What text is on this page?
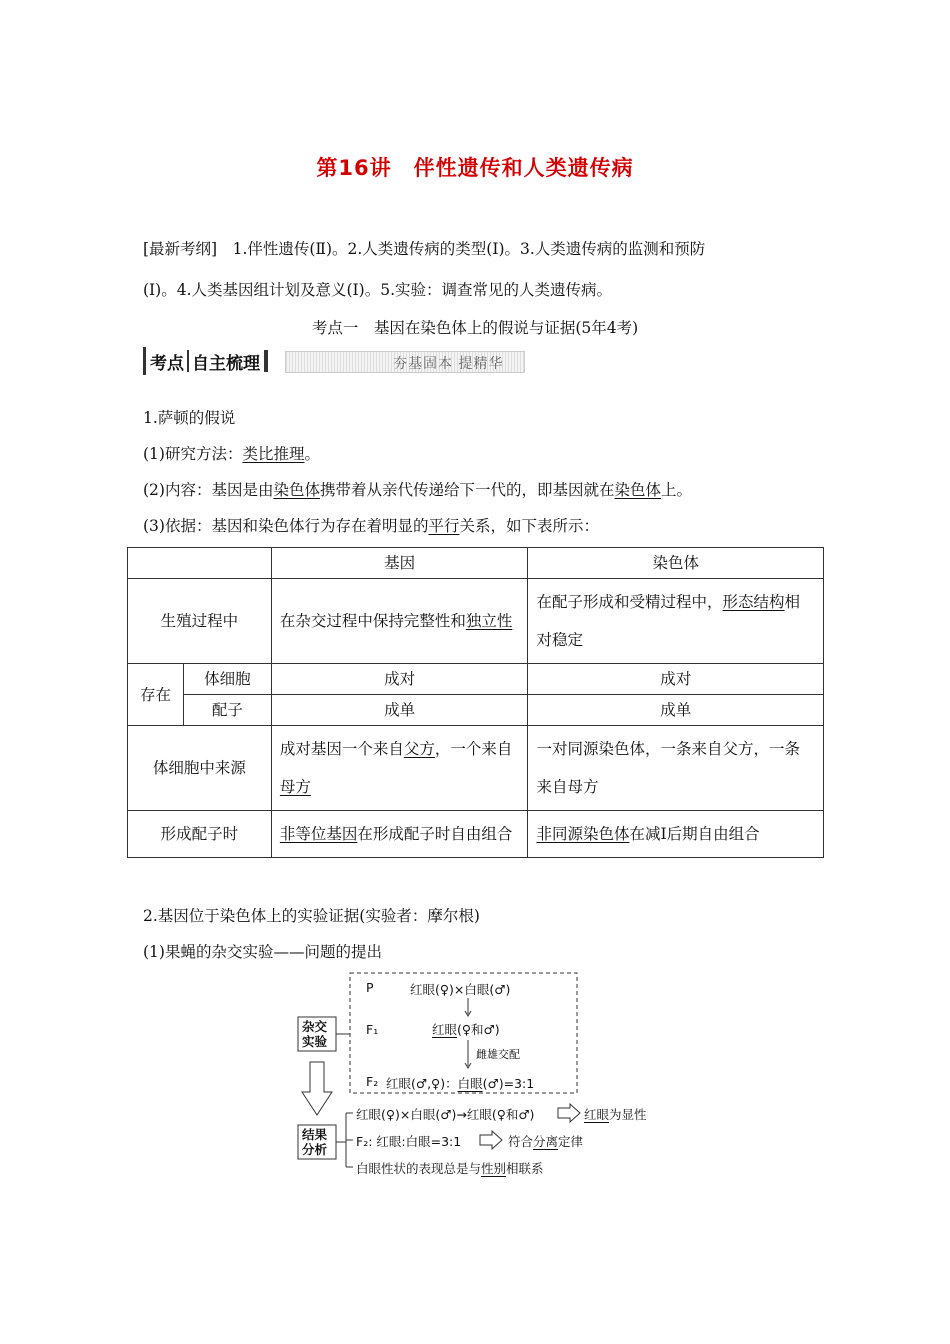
第16讲　伴性遗传和人类遗传病
[最新考纲]　1.伴性遗传(Ⅱ)。2.人类遗传病的类型(Ⅰ)。3.人类遗传病的监测和预防
(Ⅰ)。4.人类基因组计划及意义(Ⅰ)。5.实验：调查常见的人类遗传病。
考点一　基因在染色体上的假说与证据(5年4考)
考点 自主梳理	夯基固本 提精华
1.萨顿的假说
(1)研究方法：类比推理。
(2)内容：基因是由染色体携带着从亲代传递给下一代的，即基因就在染色体上。
(3)依据：基因和染色体行为存在着明显的平行关系，如下表所示：
		基因	染色体
生殖过程中		在杂交过程中保持完整性和独立性	在配子形成和受精过程中，形态结构相对稳定
存在	体细胞	成对	成对
	配子	成单	成单
体细胞中来源		成对基因一个来自父方，一个来自母方	一对同源染色体，一条来自父方，一条来自母方
形成配子时		非等位基因在形成配子时自由组合	非同源染色体在减Ⅰ后期自由组合
2.基因位于染色体上的实验证据(实验者：摩尔根)
(1)果蝇的杂交实验——问题的提出
杂交
实验
结果
分析
P	红眼(♀)×白眼(♂)
F₁	红眼(♀和♂)
雌雄交配
F₂ 红眼(♂,♀)：白眼(♂)=3:1
红眼(♀)×白眼(♂)→红眼(♀和♂)	红眼为显性
F₂: 红眼:白眼=3:1	符合分离定律
白眼性状的表现总是与性别相联系
